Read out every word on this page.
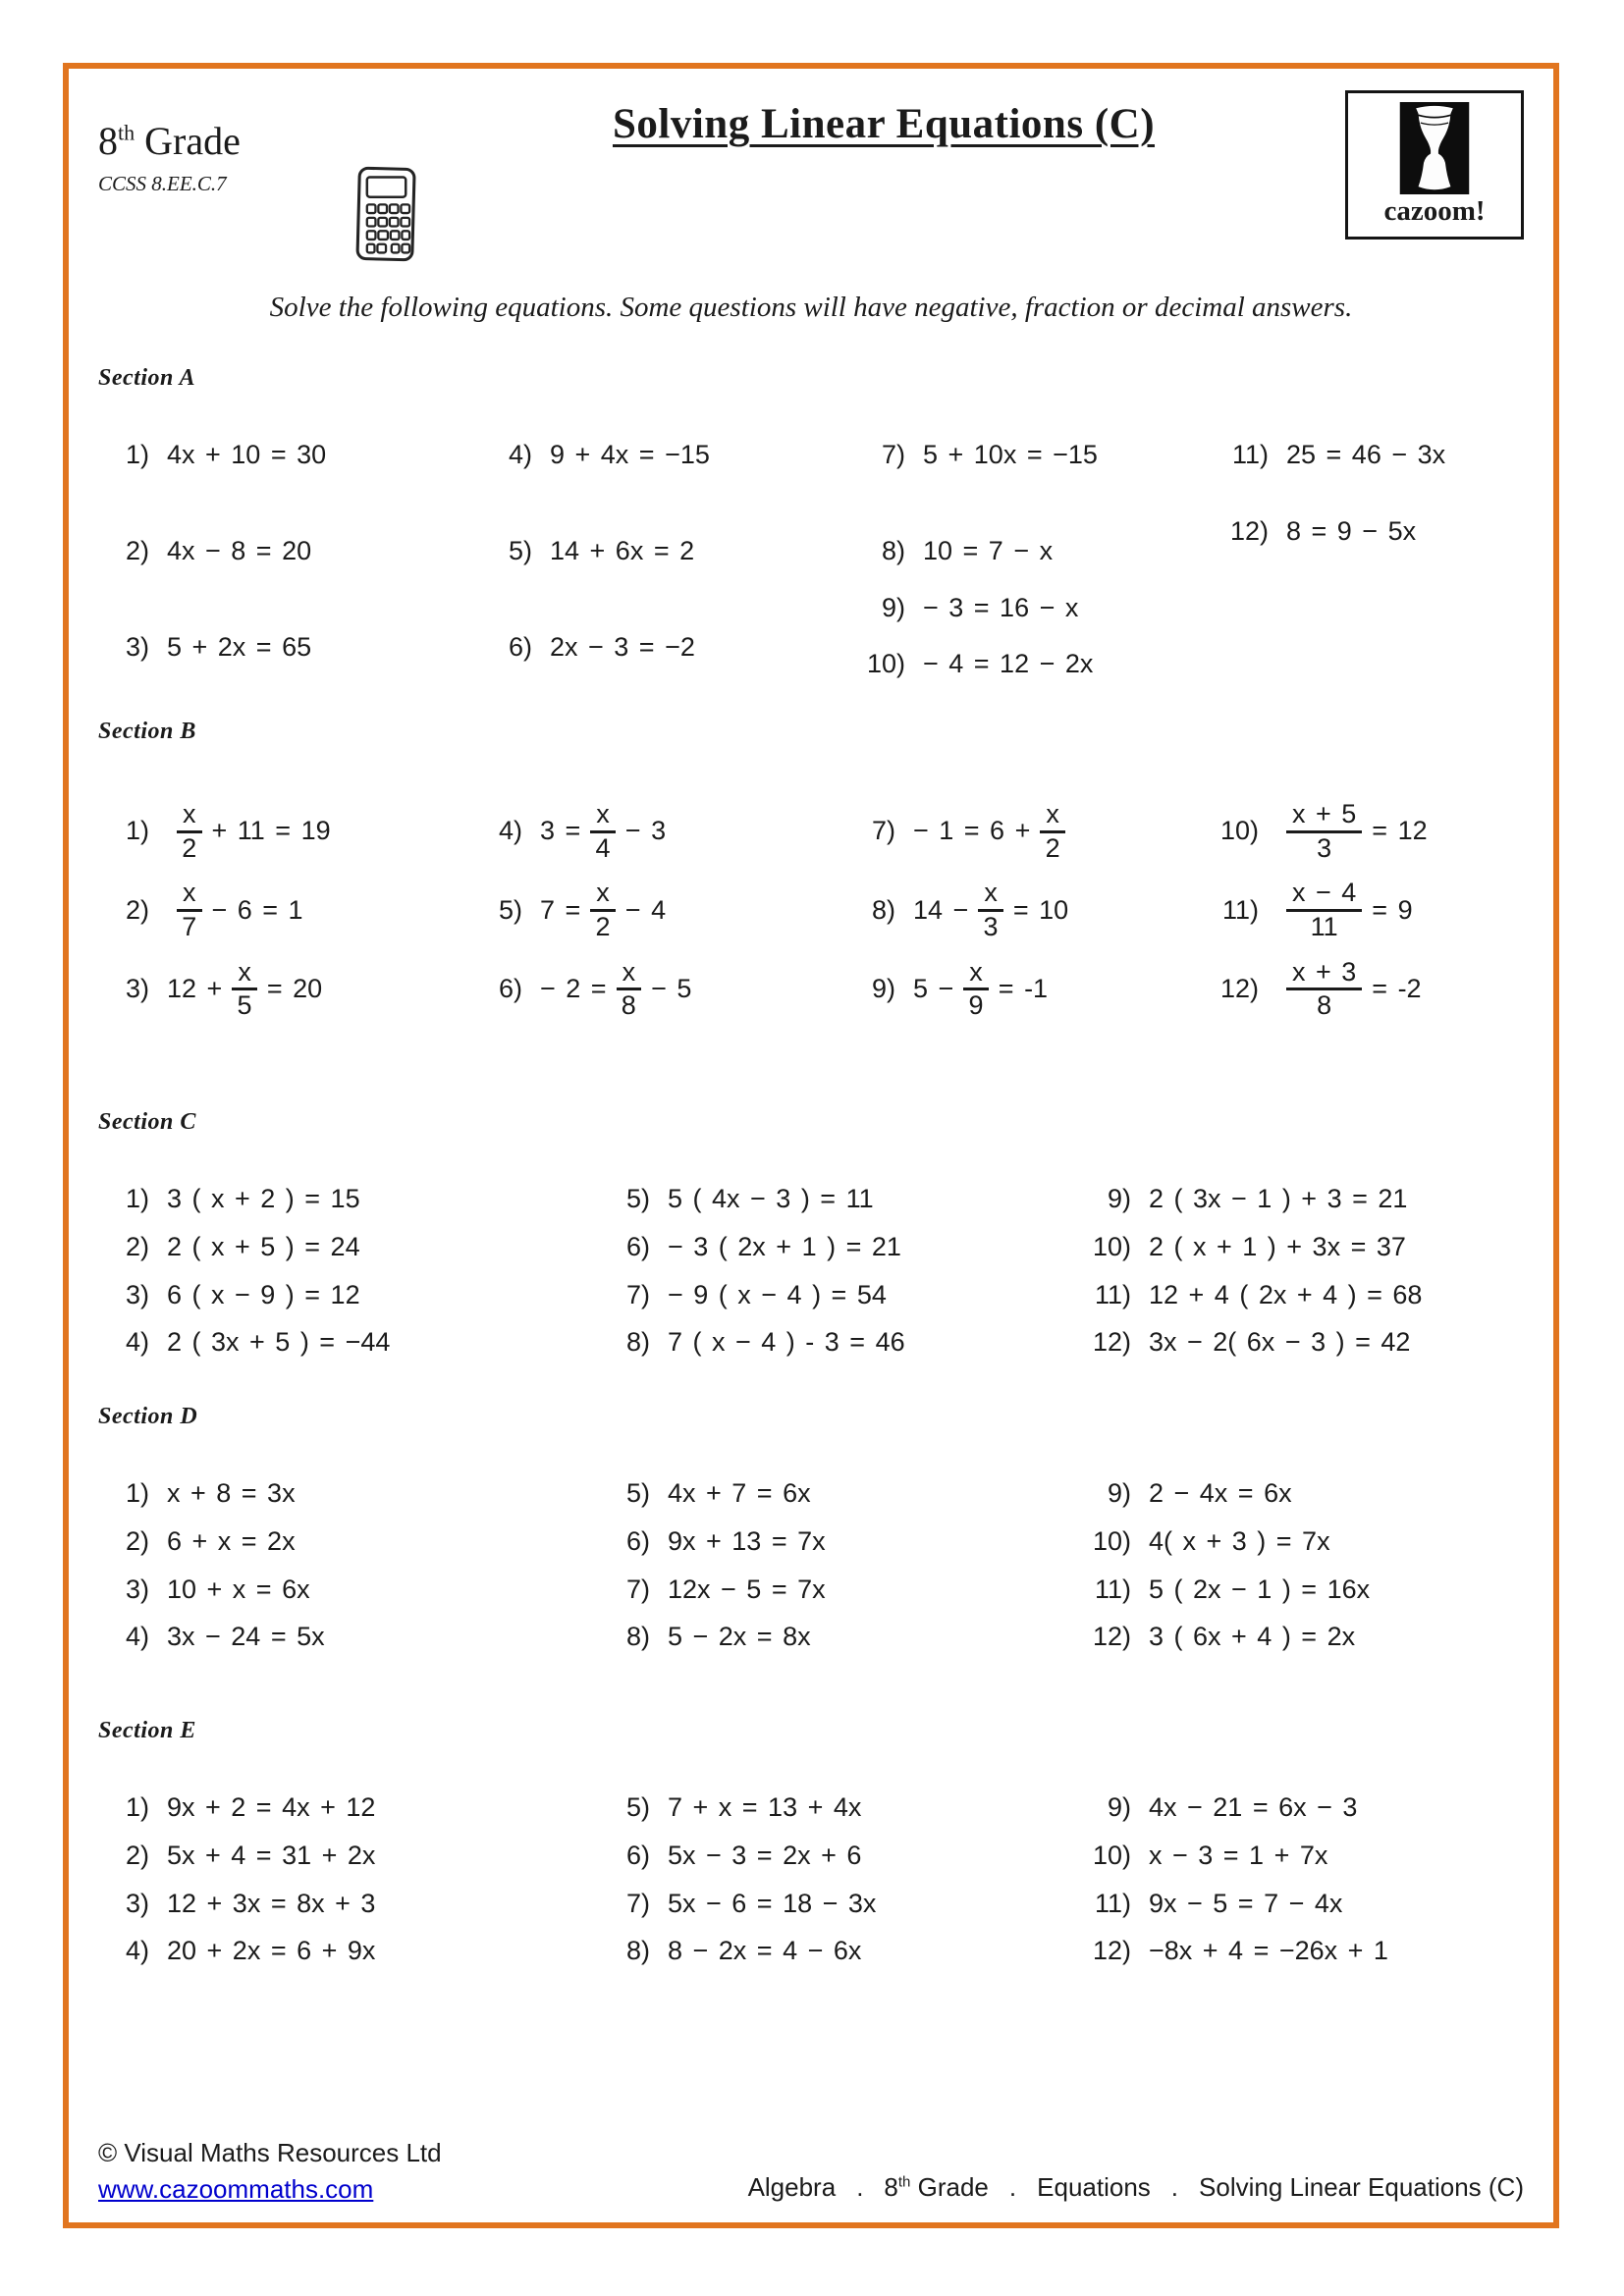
8th Grade
CCSS 8.EE.C.7
Solving Linear Equations (C)
cazoom!

Solve the following equations. Some questions will have negative, fraction or decimal answers.

Section A
1) 4x + 10 = 30
2) 4x − 8 = 20
3) 5 + 2x = 65
4) 9 + 4x = −15
5) 14 + 6x = 2
6) 2x − 3 = −2
7) 5 + 10x = −15
8) 10 = 7 − x
9) − 3 = 16 − x
10) − 4 = 12 − 2x
11) 25 = 46 − 3x
12) 8 = 9 − 5x
Section B
$1) \frac{x}{2} + 11 = 19$
$2) \frac{x}{7} - 6 = 1$
3) $12 + \frac{x}{5} = 20$
4) $3 = \frac{x}{4} - 3$
5) $7 = \frac{x}{2} - 4$
$6) - 2 = \frac{x}{8} - 5$
$7) - 1 = 6 + \frac{x}{2}$
8) $14 - \frac{x}{3} = 10$
9) $5 - \frac{x}{9} = -1$
$10) \frac{x + 5}{3} = 12$
$11) \frac{x - 4}{11} = 9$
$12) \frac{x + 3}{8} = -2$
Section C
1) 3 ( x + 2 ) = 15
2) 2 ( x + 5 ) = 24
3) 6 ( x − 9 ) = 12
4) 2 ( 3x + 5 ) = −44
5) 5 ( 4x − 3 ) = 11
6) − 3 ( 2x + 1 ) = 21
7) − 9 ( x − 4 ) = 54
8) 7 ( x − 4 ) - 3 = 46
9) 2 ( 3x − 1 ) + 3 = 21
10) 2 ( x + 1 ) + 3x = 37
11) 12 + 4 ( 2x + 4 ) = 68
12) 3x − 2( 6x − 3 ) = 42
Section D
1) x + 8 = 3x
2) 6 + x = 2x
3) 10 + x = 6x
4) 3x − 24 = 5x
5) 4x + 7 = 6x
6) 9x + 13 = 7x
7) 12x − 5 = 7x
8) 5 − 2x = 8x
9) 2 − 4x = 6x
10) 4( x + 3 ) = 7x
11) 5 ( 2x − 1 ) = 16x
12) 3 ( 6x + 4 ) = 2x
Section E
1) 9x + 2 = 4x + 12
2) 5x + 4 = 31 + 2x
3) 12 + 3x = 8x + 3
4) 20 + 2x = 6 + 9x
5) 7 + x = 13 + 4x
6) 5x − 3 = 2x + 6
7) 5x − 6 = 18 − 3x
8) 8 − 2x = 4 − 6x
9) 4x − 21 = 6x − 3
10) x − 3 = 1 + 7x
11) 9x − 5 = 7 − 4x
12) −8x + 4 = −26x + 1
© Visual Maths Resources Ltd
www.cazoommaths.com	Algebra . 8th Grade . Equations . Solving Linear Equations (C)
